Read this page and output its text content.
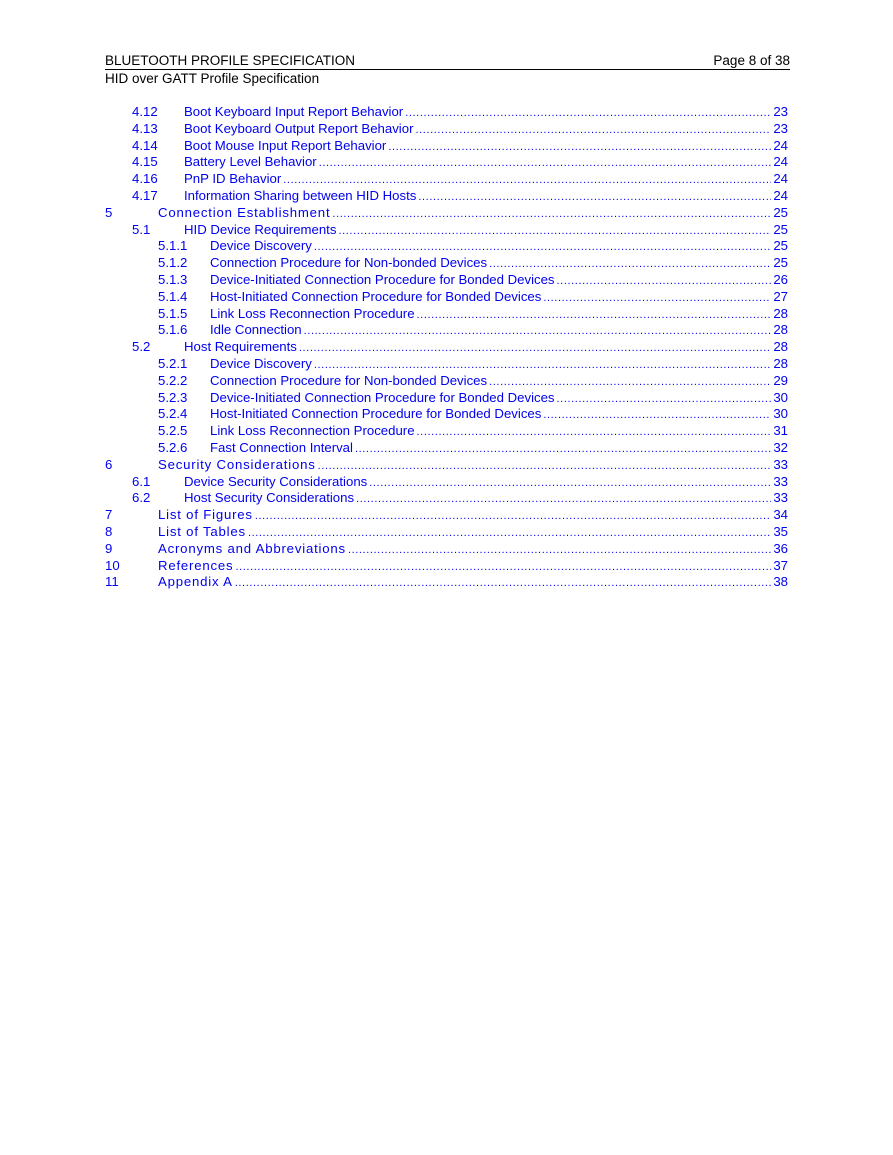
BLUETOOTH PROFILE SPECIFICATION	Page 8 of 38
HID over GATT Profile Specification
4.12	Boot Keyboard Input Report Behavior .....	23
4.13	Boot Keyboard Output Report Behavior .....	23
4.14	Boot Mouse Input Report Behavior .....	24
4.15	Battery Level Behavior .....	24
4.16	PnP ID Behavior .....	24
4.17	Information Sharing between HID Hosts .....	24
5	Connection Establishment .....	25
5.1	HID Device Requirements .....	25
5.1.1	Device Discovery .....	25
5.1.2	Connection Procedure for Non-bonded Devices .....	25
5.1.3	Device-Initiated Connection Procedure for Bonded Devices .....	26
5.1.4	Host-Initiated Connection Procedure for Bonded Devices .....	27
5.1.5	Link Loss Reconnection Procedure .....	28
5.1.6	Idle Connection .....	28
5.2	Host Requirements .....	28
5.2.1	Device Discovery .....	28
5.2.2	Connection Procedure for Non-bonded Devices .....	29
5.2.3	Device-Initiated Connection Procedure for Bonded Devices .....	30
5.2.4	Host-Initiated Connection Procedure for Bonded Devices .....	30
5.2.5	Link Loss Reconnection Procedure .....	31
5.2.6	Fast Connection Interval .....	32
6	Security Considerations .....	33
6.1	Device Security Considerations .....	33
6.2	Host Security Considerations .....	33
7	List of Figures .....	34
8	List of Tables .....	35
9	Acronyms and Abbreviations .....	36
10	References .....	37
11	Appendix A .....	38
